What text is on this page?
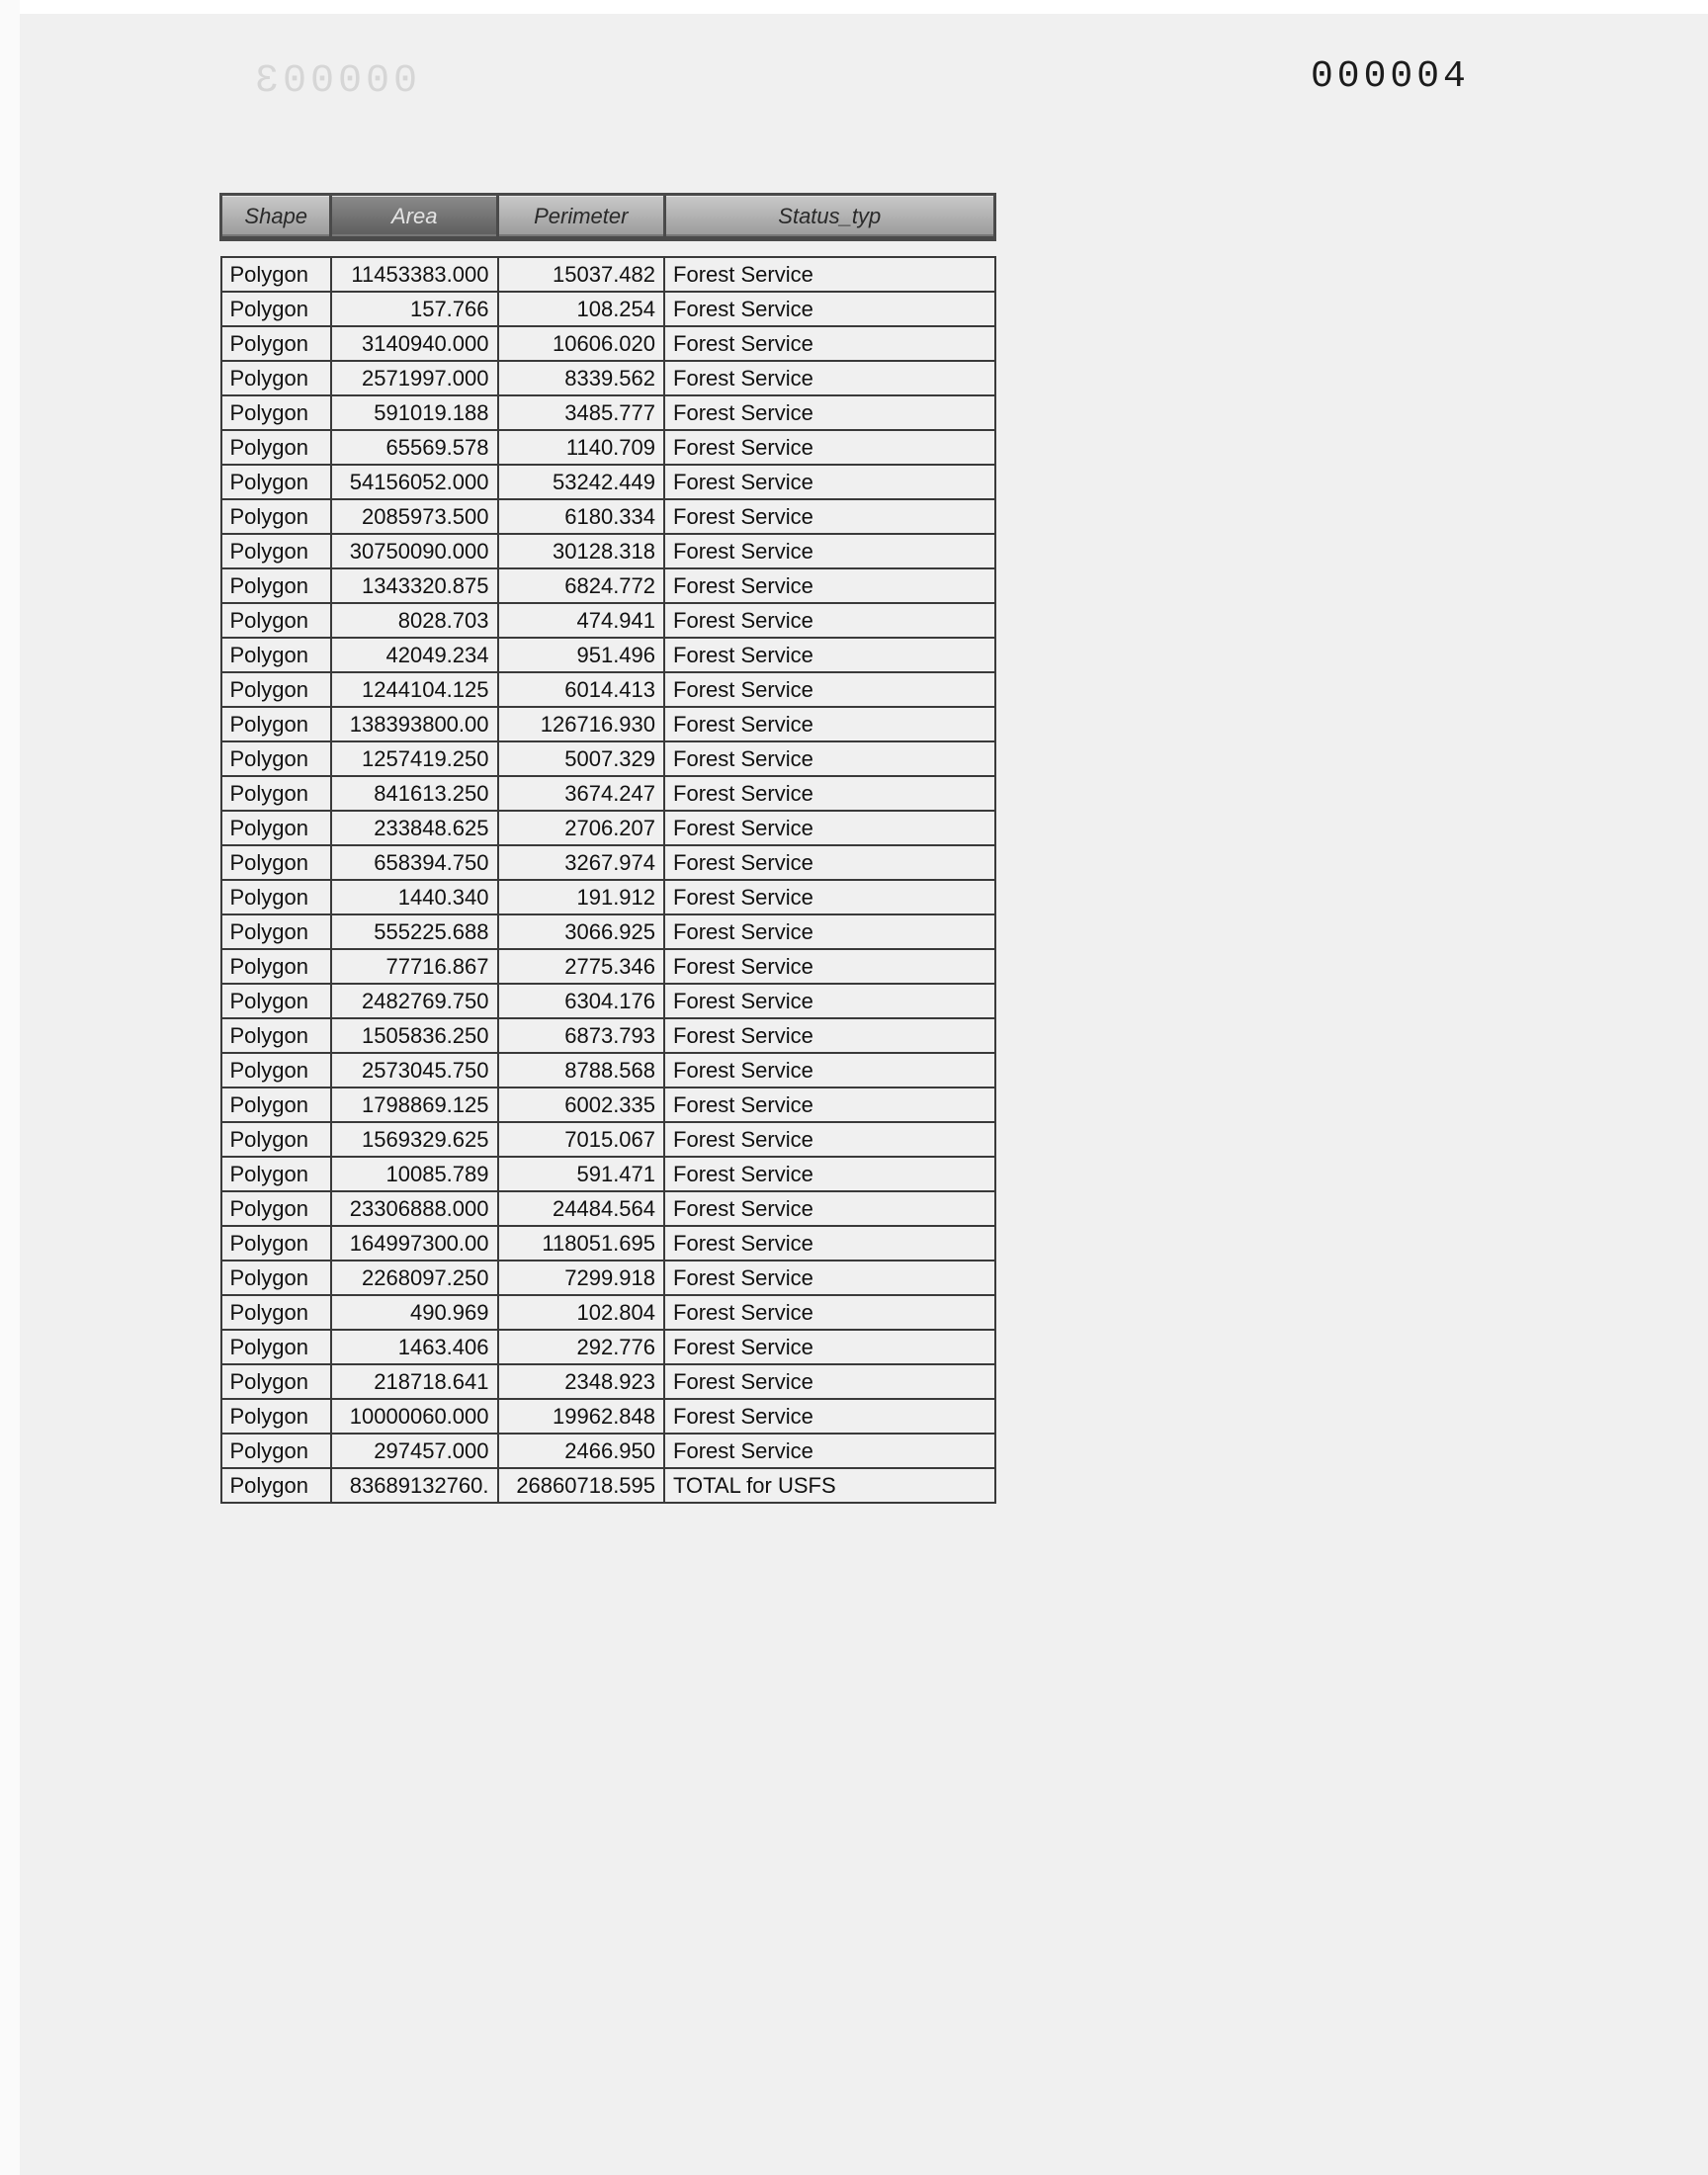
000003	000004
Shape	Area	Perimeter	Status_typ

Polygon	11453383.000	15037.482	Forest Service
Polygon	157.766	108.254	Forest Service
Polygon	3140940.000	10606.020	Forest Service
Polygon	2571997.000	8339.562	Forest Service
Polygon	591019.188	3485.777	Forest Service
Polygon	65569.578	1140.709	Forest Service
Polygon	54156052.000	53242.449	Forest Service
Polygon	2085973.500	6180.334	Forest Service
Polygon	30750090.000	30128.318	Forest Service
Polygon	1343320.875	6824.772	Forest Service
Polygon	8028.703	474.941	Forest Service
Polygon	42049.234	951.496	Forest Service
Polygon	1244104.125	6014.413	Forest Service
Polygon	138393800.00	126716.930	Forest Service
Polygon	1257419.250	5007.329	Forest Service
Polygon	841613.250	3674.247	Forest Service
Polygon	233848.625	2706.207	Forest Service
Polygon	658394.750	3267.974	Forest Service
Polygon	1440.340	191.912	Forest Service
Polygon	555225.688	3066.925	Forest Service
Polygon	77716.867	2775.346	Forest Service
Polygon	2482769.750	6304.176	Forest Service
Polygon	1505836.250	6873.793	Forest Service
Polygon	2573045.750	8788.568	Forest Service
Polygon	1798869.125	6002.335	Forest Service
Polygon	1569329.625	7015.067	Forest Service
Polygon	10085.789	591.471	Forest Service
Polygon	23306888.000	24484.564	Forest Service
Polygon	164997300.00	118051.695	Forest Service
Polygon	2268097.250	7299.918	Forest Service
Polygon	490.969	102.804	Forest Service
Polygon	1463.406	292.776	Forest Service
Polygon	218718.641	2348.923	Forest Service
Polygon	10000060.000	19962.848	Forest Service
Polygon	297457.000	2466.950	Forest Service
Polygon	83689132760.	26860718.595	TOTAL for USFS
